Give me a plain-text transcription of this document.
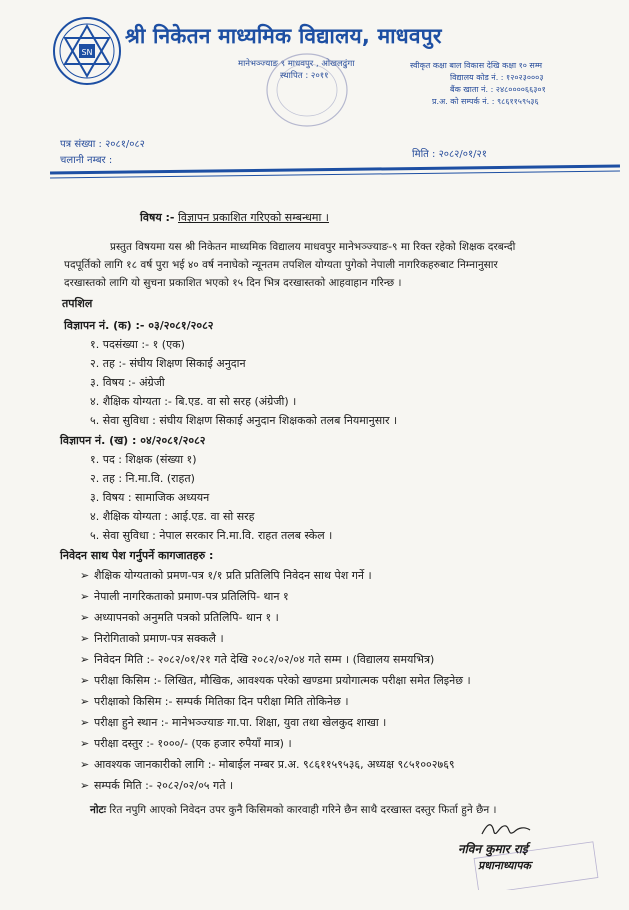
SN
श्री निकेतन माध्यमिक विद्यालय, माधवपुर
मानेभञ्ज्याङ ९ माधवपुर , ओखलढुंगा
स्थापित : २०११
स्वीकृत कक्षा बाल विकास देखि कक्षा १० सम्म
विद्यालय कोड नं. : १२०२३०००३
बैंक खाता नं. : २४८००००६६३०१
प्र.अ. को सम्पर्क नं. : ९८६११५९५३६
पत्र संख्या : २०८१/०८२
चलानी नम्बर :
मिति : २०८२/०१/२१
विषय :- विज्ञापन प्रकाशित गरिएको सम्बन्धमा ।
प्रस्तुत विषयमा यस श्री निकेतन माध्यमिक विद्यालय माधवपुर मानेभञ्ज्याङ-९ मा रिक्त रहेको शिक्षक दरबन्दी
पदपूर्तिको लागि १८ वर्ष पुरा भई ४० वर्ष ननाघेको न्यूनतम तपशिल योग्यता पुगेको नेपाली नागरिकहरुबाट निम्नानुसार
दरखास्तको लागि यो सुचना प्रकाशित भएको १५ दिन भित्र दरखास्तको आहवाहान गरिन्छ ।
तपशिल
विज्ञापन नं. (क) :- ०३/२०८१/२०८२
१. पदसंख्या :- १ (एक)
२. तह :- संघीय शिक्षण सिकाई अनुदान
३. विषय :- अंग्रेजी
४. शैक्षिक योग्यता :- बि.एड. वा सो सरह (अंग्रेजी) ।
५. सेवा सुविधा : संघीय शिक्षण सिकाई अनुदान शिक्षकको तलब नियमानुसार ।
विज्ञापन नं. (ख) : ०४/२०८१/२०८२
१. पद : शिक्षक (संख्या १)
२. तह : नि.मा.वि. (राहत)
३. विषय : सामाजिक अध्ययन
४. शैक्षिक योग्यता : आई.एड. वा सो सरह
५. सेवा सुविधा : नेपाल सरकार नि.मा.वि. राहत तलब स्केल ।
निवेदन साथ पेश गर्नुपर्ने कागजातहरु :
➢ शैक्षिक योग्यताको प्रमण-पत्र १/१ प्रति प्रतिलिपि निवेदन साथ पेश गर्ने ।
➢ नेपाली नागरिकताको प्रमाण-पत्र प्रतिलिपि- थान १
➢ अध्यापनको अनुमति पत्रको प्रतिलिपि- थान १ ।
➢ निरोगिताको प्रमाण-पत्र सक्कलै ।
➢ निवेदन मिति :- २०८२/०१/२१ गते देखि २०८२/०२/०४ गते सम्म । (विद्यालय समयभित्र)
➢ परीक्षा किसिम :- लिखित, मौखिक, आवश्यक परेको खण्डमा प्रयोगात्मक परीक्षा समेत लिइनेछ ।
➢ परीक्षाको किसिम :- सम्पर्क मितिका दिन परीक्षा मिति तोकिनेछ ।
➢ परीक्षा हुने स्थान :- मानेभञ्ज्याङ गा.पा. शिक्षा, युवा तथा खेलकुद शाखा ।
➢ परीक्षा दस्तुर :- १०००/- (एक हजार रुपैयाँ मात्र) ।
➢ आवश्यक जानकारीको लागि :- मोबाईल नम्बर प्र.अ. ९८६११५९५३६, अध्यक्ष ९८५१००२७६९
➢ सम्पर्क मिति :- २०८२/०२/०५ गते ।
नोटः रित नपुगि आएको निवेदन उपर कुनै किसिमको कारवाही गरिने छैन साथै दरखास्त दस्तुर फिर्ता हुने छैन ।
नविन कुमार राई
प्रधानाध्यापक
